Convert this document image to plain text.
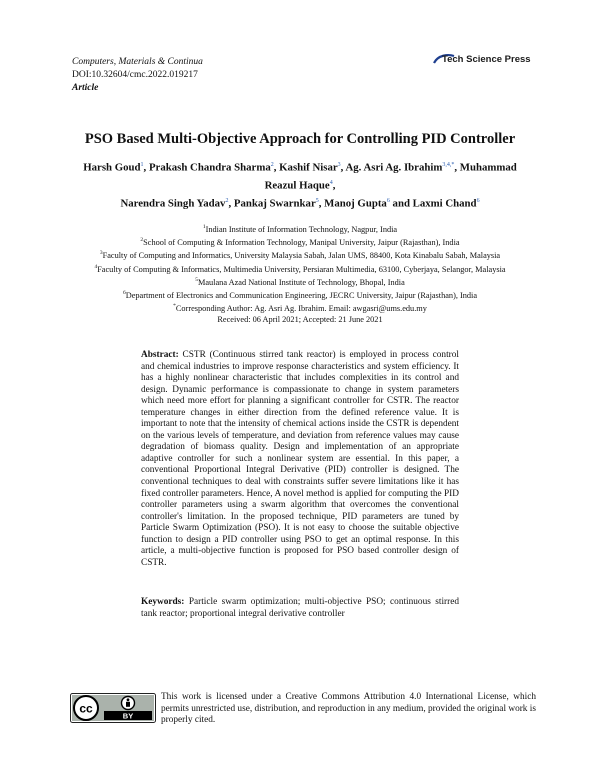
Computers, Materials & Continua
DOI:10.32604/cmc.2022.019217
Article
Tech Science Press
PSO Based Multi-Objective Approach for Controlling PID Controller
Harsh Goud$^1$, Prakash Chandra Sharma$^2$, Kashif Nisar$^3$, Ag. Asri Ag. Ibrahim$^{3,4,*}$, Muhammad Reazul Haque$^4$,
Narendra Singh Yadav$^2$, Pankaj Swarnkar$^5$, Manoj Gupta$^6$ and Laxmi Chand$^6$

$^1$Indian Institute of Information Technology, Nagpur, India
$^2$School of Computing & Information Technology, Manipal University, Jaipur (Rajasthan), India
$^3$Faculty of Computing and Informatics, University Malaysia Sabah, Jalan UMS, 88400, Kota Kinabalu Sabah, Malaysia
$^4$Faculty of Computing & Informatics, Multimedia University, Persiaran Multimedia, 63100, Cyberjaya, Selangor, Malaysia
$^5$Maulana Azad National Institute of Technology, Bhopal, India
$^6$Department of Electronics and Communication Engineering, JECRC University, Jaipur (Rajasthan), India
*Corresponding Author: Ag. Asri Ag. Ibrahim. Email: awgasri@ums.edu.my
Received: 06 April 2021; Accepted: 21 June 2021
Abstract: CSTR (Continuous stirred tank reactor) is employed in process control and chemical industries to improve response characteristics and system efficiency. It has a highly nonlinear characteristic that includes complexities in its control and design. Dynamic performance is compassionate to change in system parameters which need more effort for planning a significant controller for CSTR. The reactor temperature changes in either direction from the defined reference value. It is important to note that the intensity of chemical actions inside the CSTR is dependent on the various levels of temperature, and deviation from reference values may cause degradation of biomass quality. Design and implementation of an appropriate adaptive controller for such a nonlinear system are essential. In this paper, a conventional Proportional Integral Derivative (PID) controller is designed. The conventional techniques to deal with constraints suffer severe limitations like it has fixed controller parameters. Hence, A novel method is applied for computing the PID controller parameters using a swarm algorithm that overcomes the conventional controller's limitation. In the proposed technique, PID parameters are tuned by Particle Swarm Optimization (PSO). It is not easy to choose the suitable objective function to design a PID controller using PSO to get an optimal response. In this article, a multi-objective function is proposed for PSO based controller design of CSTR.
Keywords: Particle swarm optimization; multi-objective PSO; continuous stirred tank reactor; proportional integral derivative controller
cc
BY
This work is licensed under a Creative Commons Attribution 4.0 International License, which permits unrestricted use, distribution, and reproduction in any medium, provided the original work is properly cited.
